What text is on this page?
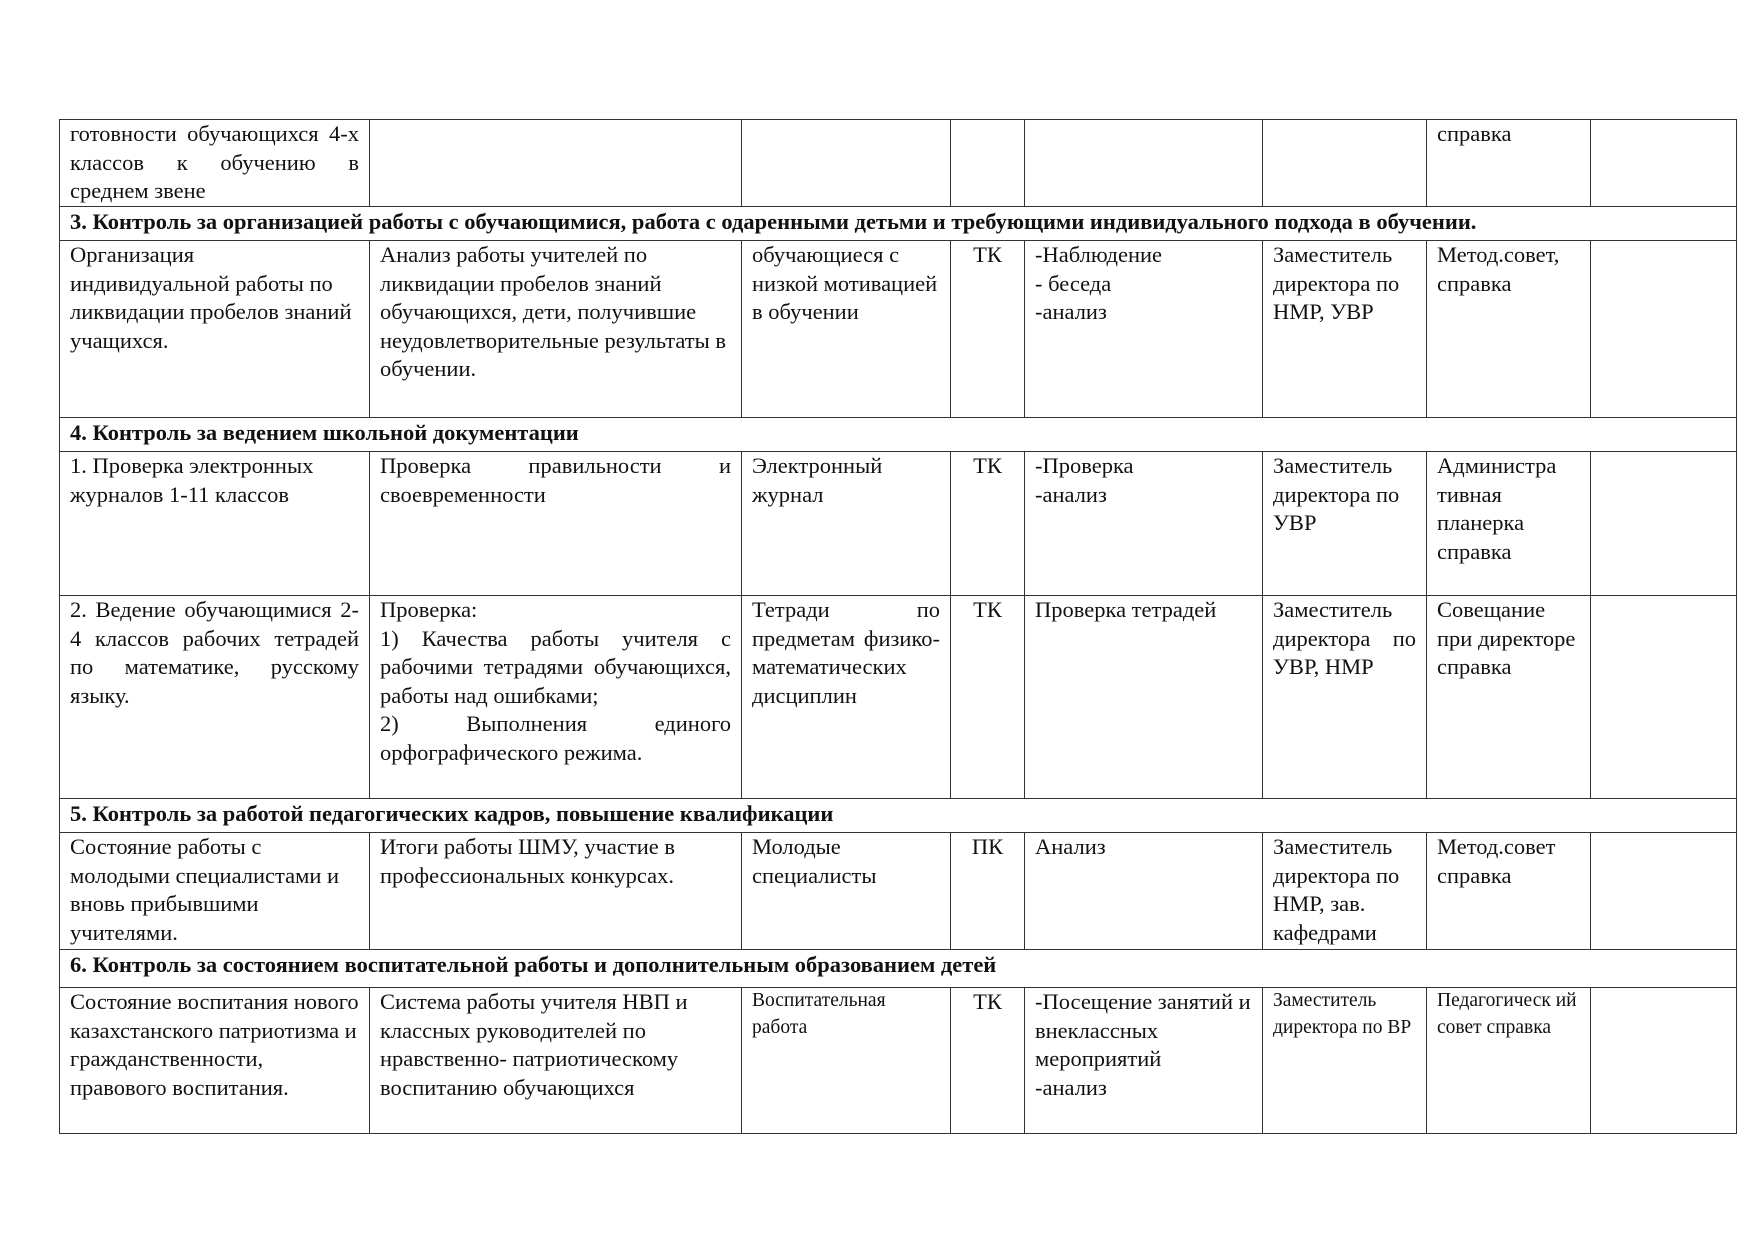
готовности обучающихся 4-х классов к обучению в среднем звене						справка	
3. Контроль за организацией работы с обучающимися, работа с одаренными детьми и требующими индивидуального подхода в обучении.							
Организация индивидуальной работы по ликвидации пробелов знаний учащихся.	Анализ работы учителей по ликвидации пробелов знаний обучающихся, дети, получившие неудовлетворительные результаты в обучении.	обучающиеся с низкой мотивацией в обучении	ТК	-Наблюдение
- беседа
-анализ	Заместитель директора по НМР, УВР	Метод.совет, справка	
4. Контроль за ведением школьной документации							
1. Проверка электронных журналов 1-11 классов	Проверка правильности и своевременности	Электронный журнал	ТК	-Проверка
-анализ	Заместитель директора по УВР	Администра тивная планерка справка	
2. Ведение обучающимися 2-4 классов рабочих тетрадей по математике, русскому языку.	Проверка:
1) Качества работы учителя с рабочими тетрадями обучающихся, работы над ошибками;
2) Выполнения единого орфографического режима.	Тетради по предметам физико-математических дисциплин	ТК	Проверка тетрадей	Заместитель директора по УВР, НМР	Совещание при директоре справка	
5. Контроль за работой педагогических кадров, повышение квалификации							
Состояние работы с молодыми специалистами и вновь прибывшими учителями.	Итоги работы ШМУ, участие в профессиональных конкурсах.	Молодые специалисты	ПК	Анализ	Заместитель директора по НМР, зав. кафедрами	Метод.совет справка	
6. Контроль за состоянием воспитательной работы и дополнительным образованием детей							
Состояние воспитания нового казахстанского патриотизма и гражданственности, правового воспитания.	Система работы учителя НВП и классных руководителей по нравственно- патриотическому воспитанию обучающихся	Воспитательная работа	ТК	-Посещение занятий и внеклассных мероприятий
-анализ	Заместитель директора по ВР	Педагогическ ий совет справка	
